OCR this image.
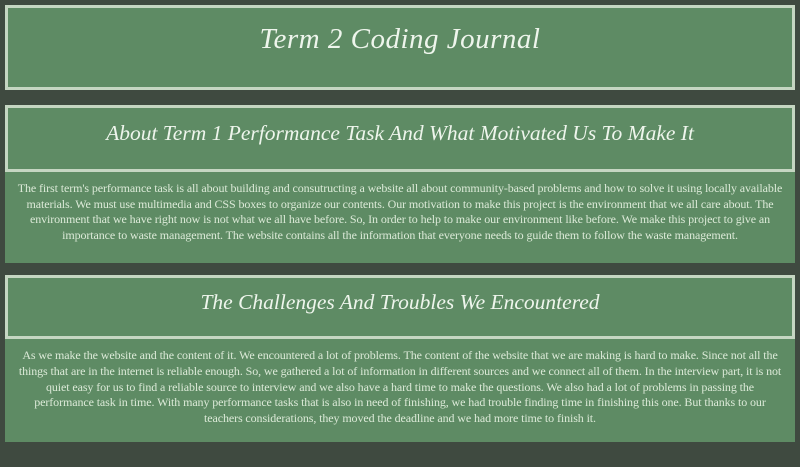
Term 2 Coding Journal
About Term 1 Performance Task And What Motivated Us To Make It
The first term's performance task is all about building and consutructing a website all about community-based problems and how to solve it using locally available materials. We must use multimedia and CSS boxes to organize our contents. Our motivation to make this project is the environment that we all care about. The environment that we have right now is not what we all have before. So, In order to help to make our environment like before. We make this project to give an importance to waste management. The website contains all the information that everyone needs to guide them to follow the waste management.
The Challenges And Troubles We Encountered
As we make the website and the content of it. We encountered a lot of problems. The content of the website that we are making is hard to make. Since not all the things that are in the internet is reliable enough. So, we gathered a lot of information in different sources and we connect all of them. In the interview part, it is not quiet easy for us to find a reliable source to interview and we also have a hard time to make the questions. We also had a lot of problems in passing the performance task in time. With many performance tasks that is also in need of finishing, we had trouble finding time in finishing this one. But thanks to our teachers considerations, they moved the deadline and we had more time to finish it.
